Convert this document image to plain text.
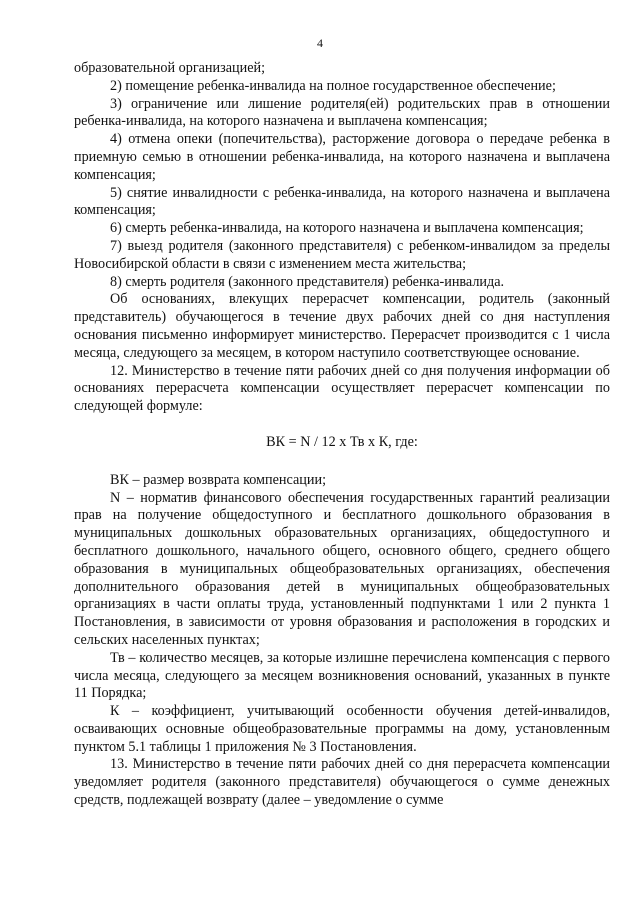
4

образовательной организацией;

2) помещение ребенка-инвалида на полное государственное обеспечение;

3) ограничение или лишение родителя(ей) родительских прав в отношении ребенка-инвалида, на которого назначена и выплачена компенсация;

4) отмена опеки (попечительства), расторжение договора о передаче ребенка в приемную семью в отношении ребенка-инвалида, на которого назначена и выплачена компенсация;

5) снятие инвалидности с ребенка-инвалида, на которого назначена и выплачена компенсация;

6) смерть ребенка-инвалида, на которого назначена и выплачена компенсация;

7) выезд родителя (законного представителя) с ребенком-инвалидом за пределы Новосибирской области в связи с изменением места жительства;

8) смерть родителя (законного представителя) ребенка-инвалида.

Об основаниях, влекущих перерасчет компенсации, родитель (законный представитель) обучающегося в течение двух рабочих дней со дня наступления основания письменно информирует министерство. Перерасчет производится с 1 числа месяца, следующего за месяцем, в котором наступило соответствующее основание.

12. Министерство в течение пяти рабочих дней со дня получения информации об основаниях перерасчета компенсации осуществляет перерасчет компенсации по следующей формуле:

ВК = N / 12 х Тв х К, где:

ВК – размер возврата компенсации;

N – норматив финансового обеспечения государственных гарантий реализации прав на получение общедоступного и бесплатного дошкольного образования в муниципальных дошкольных образовательных организациях, общедоступного и бесплатного дошкольного, начального общего, основного общего, среднего общего образования в муниципальных общеобразовательных организациях, обеспечения дополнительного образования детей в муниципальных общеобразовательных организациях в части оплаты труда, установленный подпунктами 1 или 2 пункта 1 Постановления, в зависимости от уровня образования и расположения в городских и сельских населенных пунктах;

Тв – количество месяцев, за которые излишне перечислена компенсация с первого числа месяца, следующего за месяцем возникновения оснований, указанных в пункте 11 Порядка;

К – коэффициент, учитывающий особенности обучения детей-инвалидов, осваивающих основные общеобразовательные программы на дому, установленным пунктом 5.1 таблицы 1 приложения № 3 Постановления.

13. Министерство в течение пяти рабочих дней со дня перерасчета компенсации уведомляет родителя (законного представителя) обучающегося о сумме денежных средств, подлежащей возврату (далее – уведомление о сумме
